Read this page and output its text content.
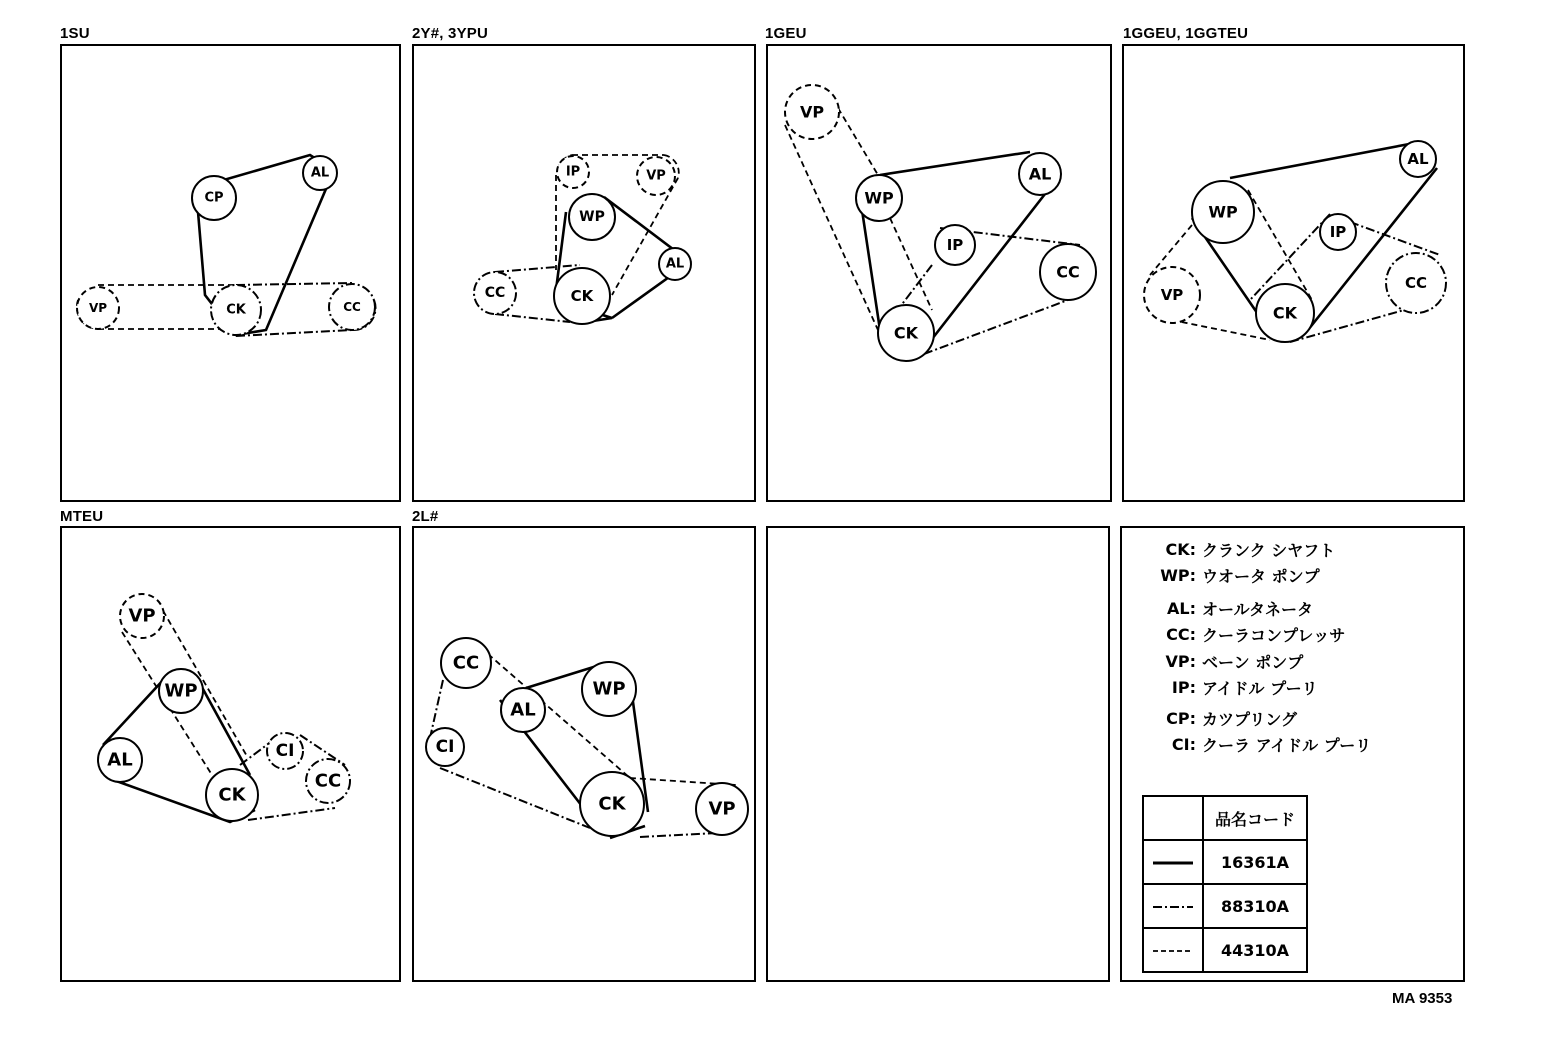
1SU	2Y#, 3YPU	1GEU	1GGEU, 1GGTEU
MTEU	2L#
CP
AL
VP	CK	CC
IP	VP
WP
AL
CC	CK
VP
WP
AL
IP
CC
CK
AL
WP
IP
VP
CC
CK
VP
WP
AL	CI
CC
CK
CC
WP
AL
CI
CK	VP
CK: クランク シヤフト
WP: ウオータ ポンプ
AL: オールタネータ
CC: クーラコンプレッサ
VP: ベーン ポンプ
IP: アイドル プーリ
CP: カツプリング
CI: クーラ アイドル プーリ
	品名コード
	16361A
	88310A
	44310A
MA 9353
